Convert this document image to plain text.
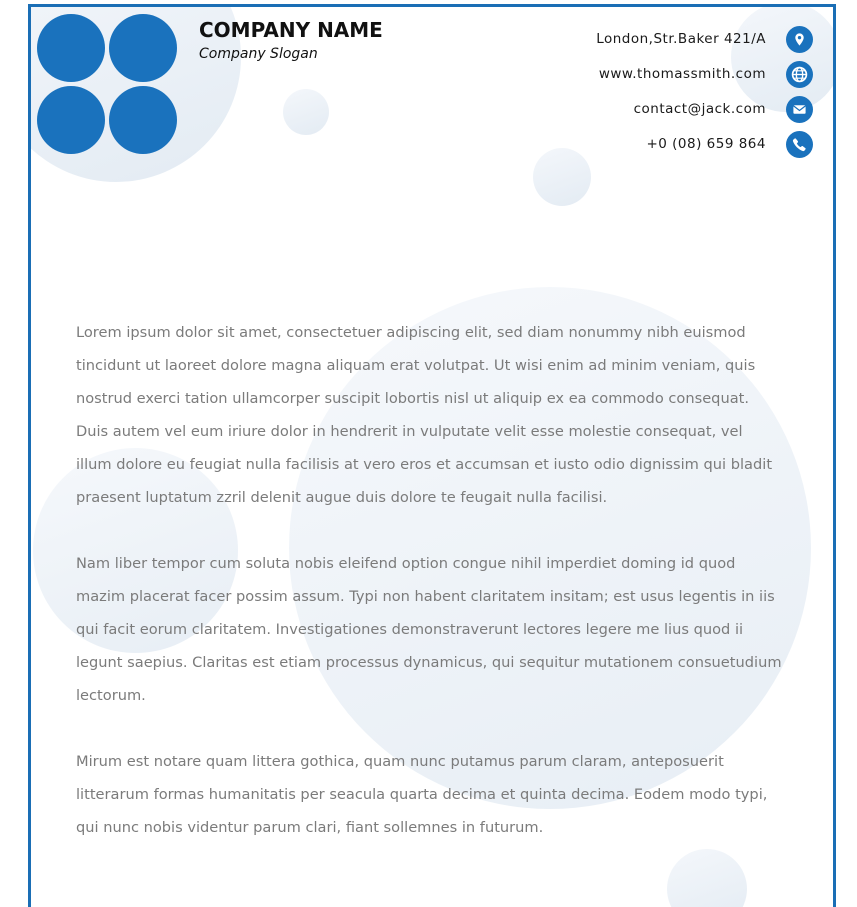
COMPANY NAME
Company Slogan
London,Str.Baker 421/A
www.thomassmith.com
contact@jack.com
+0 (08) 659 864

Lorem ipsum dolor sit amet, consectetuer adipiscing elit, sed diam nonummy nibh euismod tincidunt ut laoreet dolore magna aliquam erat volutpat. Ut wisi enim ad minim veniam, quis nostrud exerci tation ullamcorper suscipit lobortis nisl ut aliquip ex ea commodo consequat. Duis autem vel eum iriure dolor in hendrerit in vulputate velit esse molestie consequat, vel illum dolore eu feugiat nulla facilisis at vero eros et accumsan et iusto odio dignissim qui bladit praesent luptatum zzril delenit augue duis dolore te feugait nulla facilisi.

Nam liber tempor cum soluta nobis eleifend option congue nihil imperdiet doming id quod mazim placerat facer possim assum. Typi non habent claritatem insitam; est usus legentis in iis qui facit eorum claritatem. Investigationes demonstraverunt lectores legere me lius quod ii legunt saepius. Claritas est etiam processus dynamicus, qui sequitur mutationem consuetudium lectorum.

Mirum est notare quam littera gothica, quam nunc putamus parum claram, anteposuerit litterarum formas humanitatis per seacula quarta decima et quinta decima. Eodem modo typi, qui nunc nobis videntur parum clari, fiant sollemnes in futurum.
